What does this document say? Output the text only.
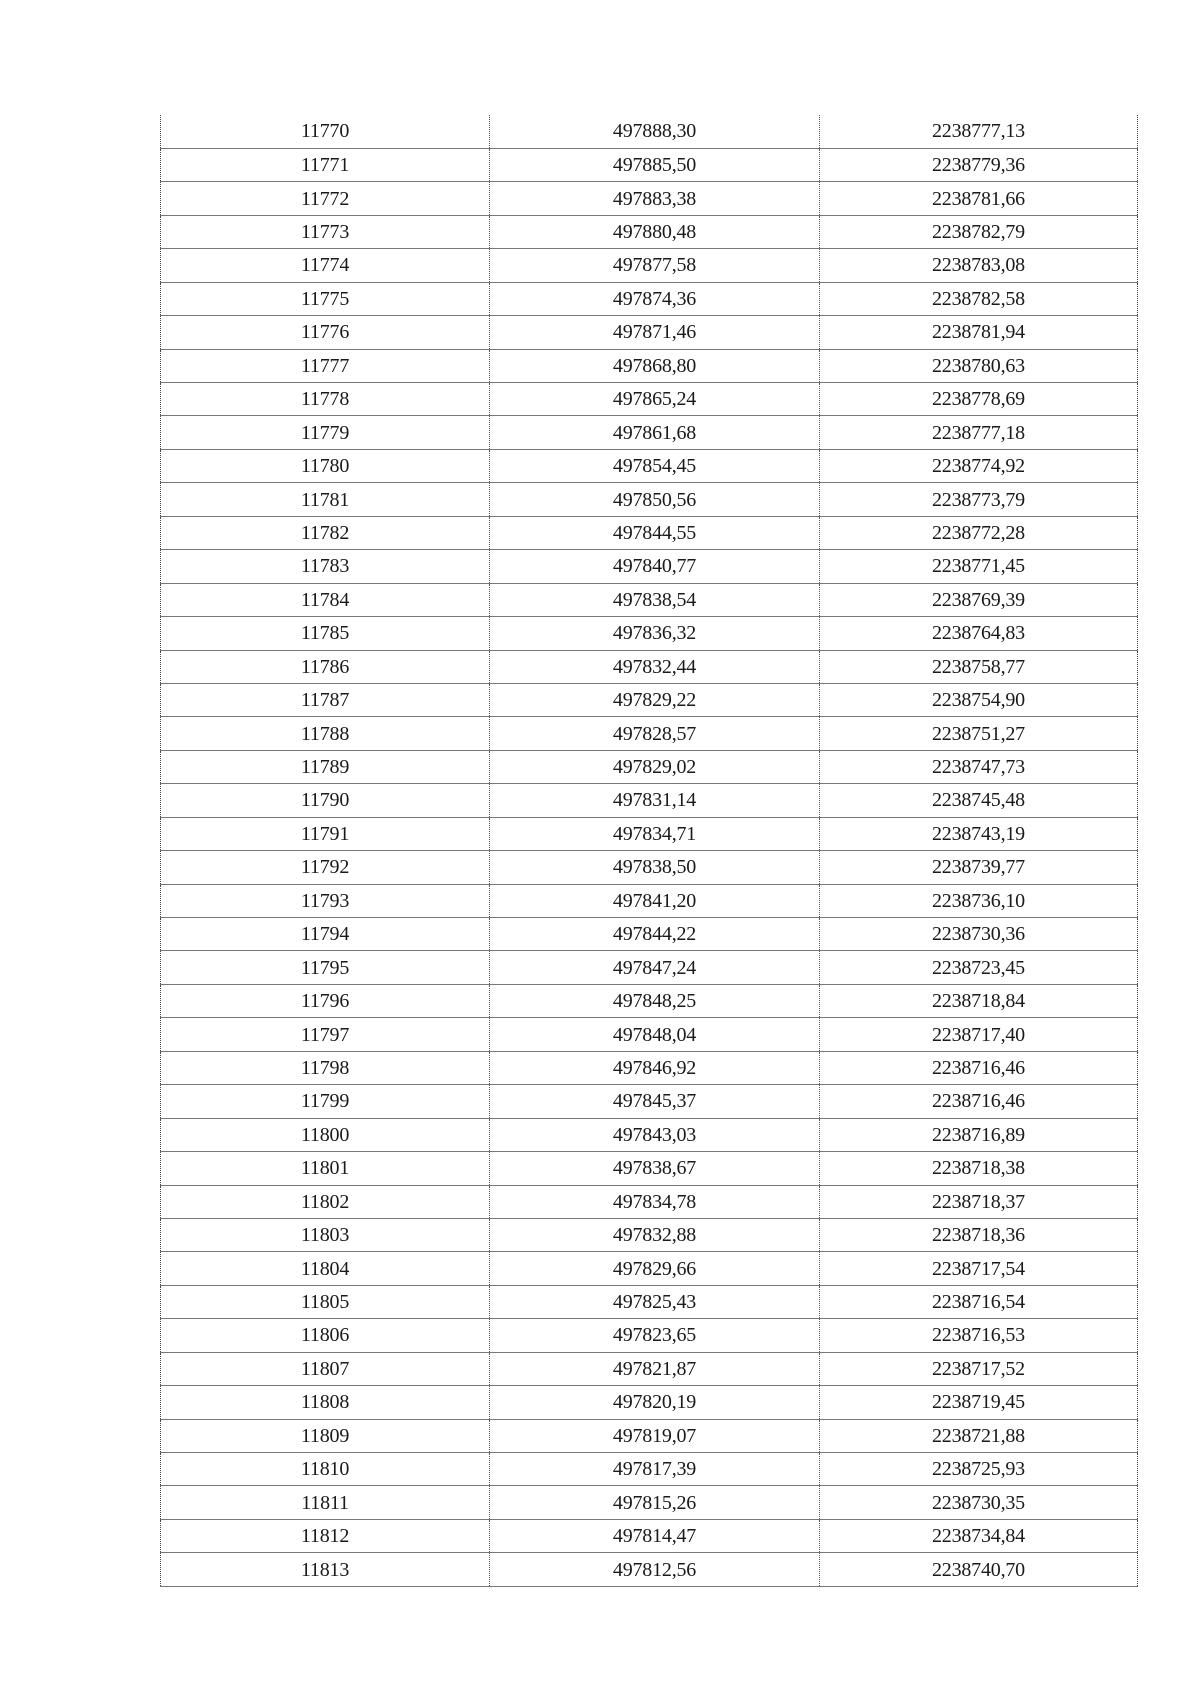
11770	497888,30	2238777,13
11771	497885,50	2238779,36
11772	497883,38	2238781,66
11773	497880,48	2238782,79
11774	497877,58	2238783,08
11775	497874,36	2238782,58
11776	497871,46	2238781,94
11777	497868,80	2238780,63
11778	497865,24	2238778,69
11779	497861,68	2238777,18
11780	497854,45	2238774,92
11781	497850,56	2238773,79
11782	497844,55	2238772,28
11783	497840,77	2238771,45
11784	497838,54	2238769,39
11785	497836,32	2238764,83
11786	497832,44	2238758,77
11787	497829,22	2238754,90
11788	497828,57	2238751,27
11789	497829,02	2238747,73
11790	497831,14	2238745,48
11791	497834,71	2238743,19
11792	497838,50	2238739,77
11793	497841,20	2238736,10
11794	497844,22	2238730,36
11795	497847,24	2238723,45
11796	497848,25	2238718,84
11797	497848,04	2238717,40
11798	497846,92	2238716,46
11799	497845,37	2238716,46
11800	497843,03	2238716,89
11801	497838,67	2238718,38
11802	497834,78	2238718,37
11803	497832,88	2238718,36
11804	497829,66	2238717,54
11805	497825,43	2238716,54
11806	497823,65	2238716,53
11807	497821,87	2238717,52
11808	497820,19	2238719,45
11809	497819,07	2238721,88
11810	497817,39	2238725,93
11811	497815,26	2238730,35
11812	497814,47	2238734,84
11813	497812,56	2238740,70
